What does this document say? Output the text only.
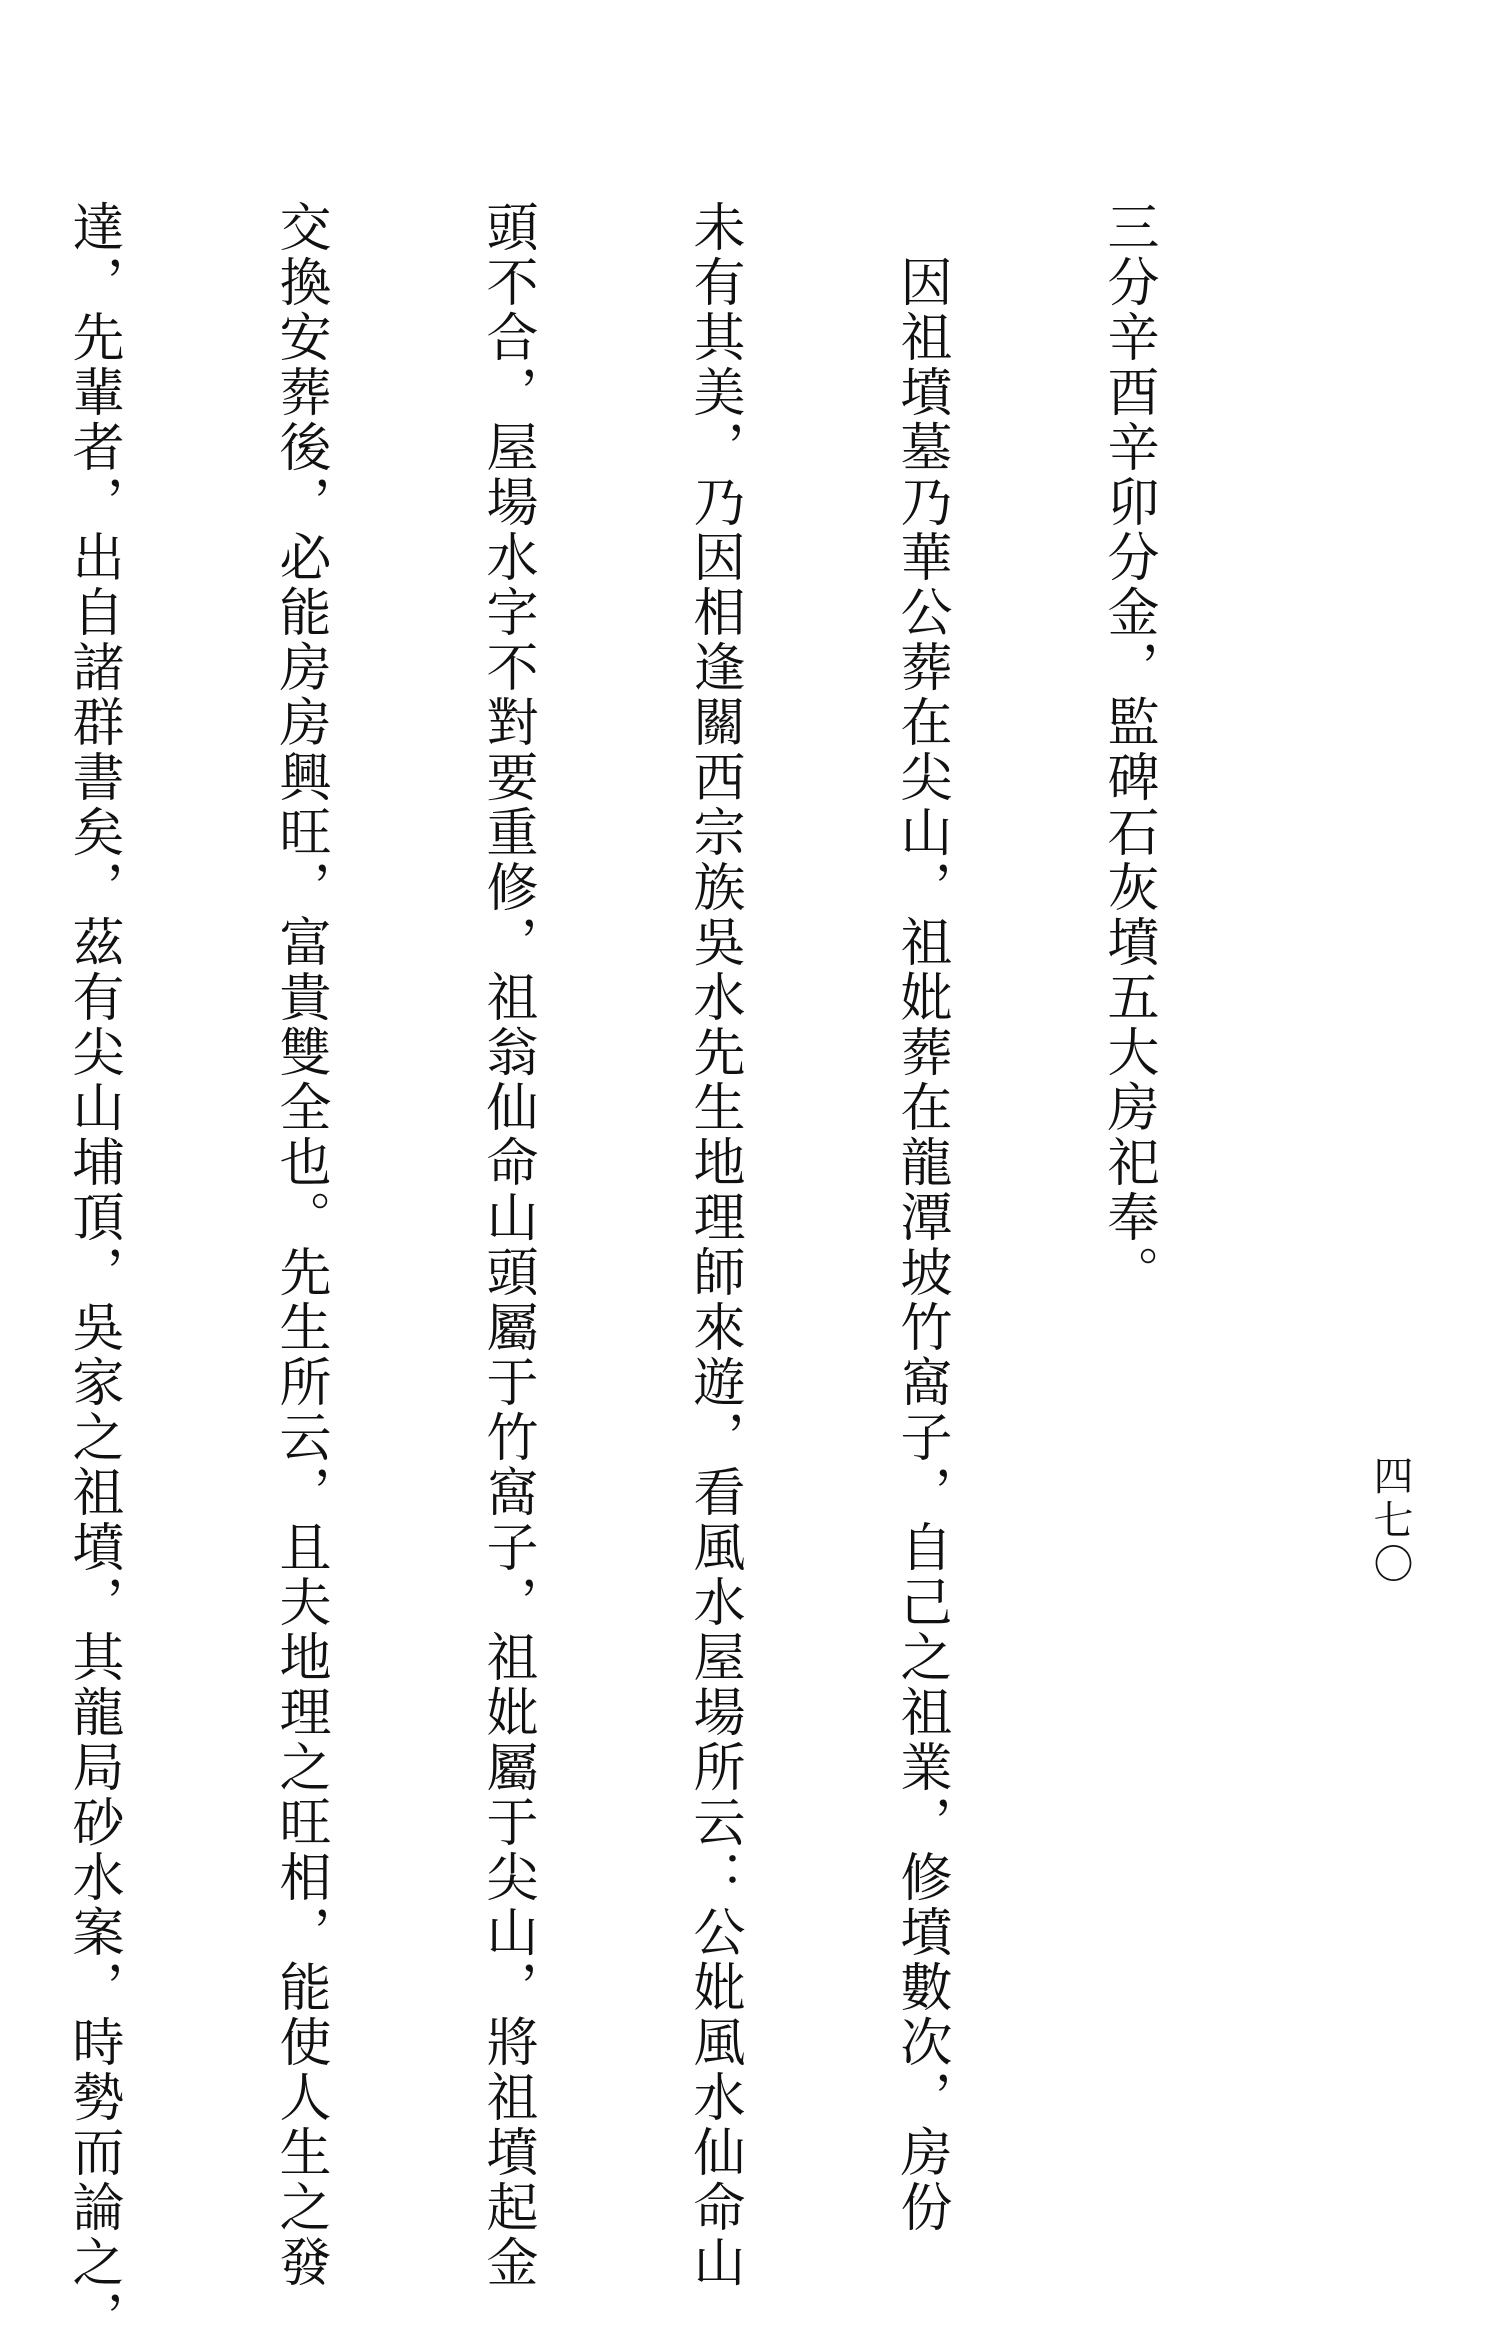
三分辛酉辛卯分金，監碑石灰墳五大房祀奉。

　因祖墳墓乃華公葬在尖山，祖妣葬在龍潭坡竹窩子，自己之祖業，修墳數次，房份

未有其美，乃因相逢關西宗族吳水先生地理師來遊，看風水屋場所云：公妣風水仙命山

頭不合，屋場水字不對要重修，祖翁仙命山頭屬于竹窩子，祖妣屬于尖山，將祖墳起金

交換安葬後，必能房房興旺，富貴雙全也。先生所云，且夫地理之旺相，能使人生之發

達，先輩者，出自諸群書矣，茲有尖山埔頂，吳家之祖墳，其龍局砂水案，時勢而論之，

	四七〇
